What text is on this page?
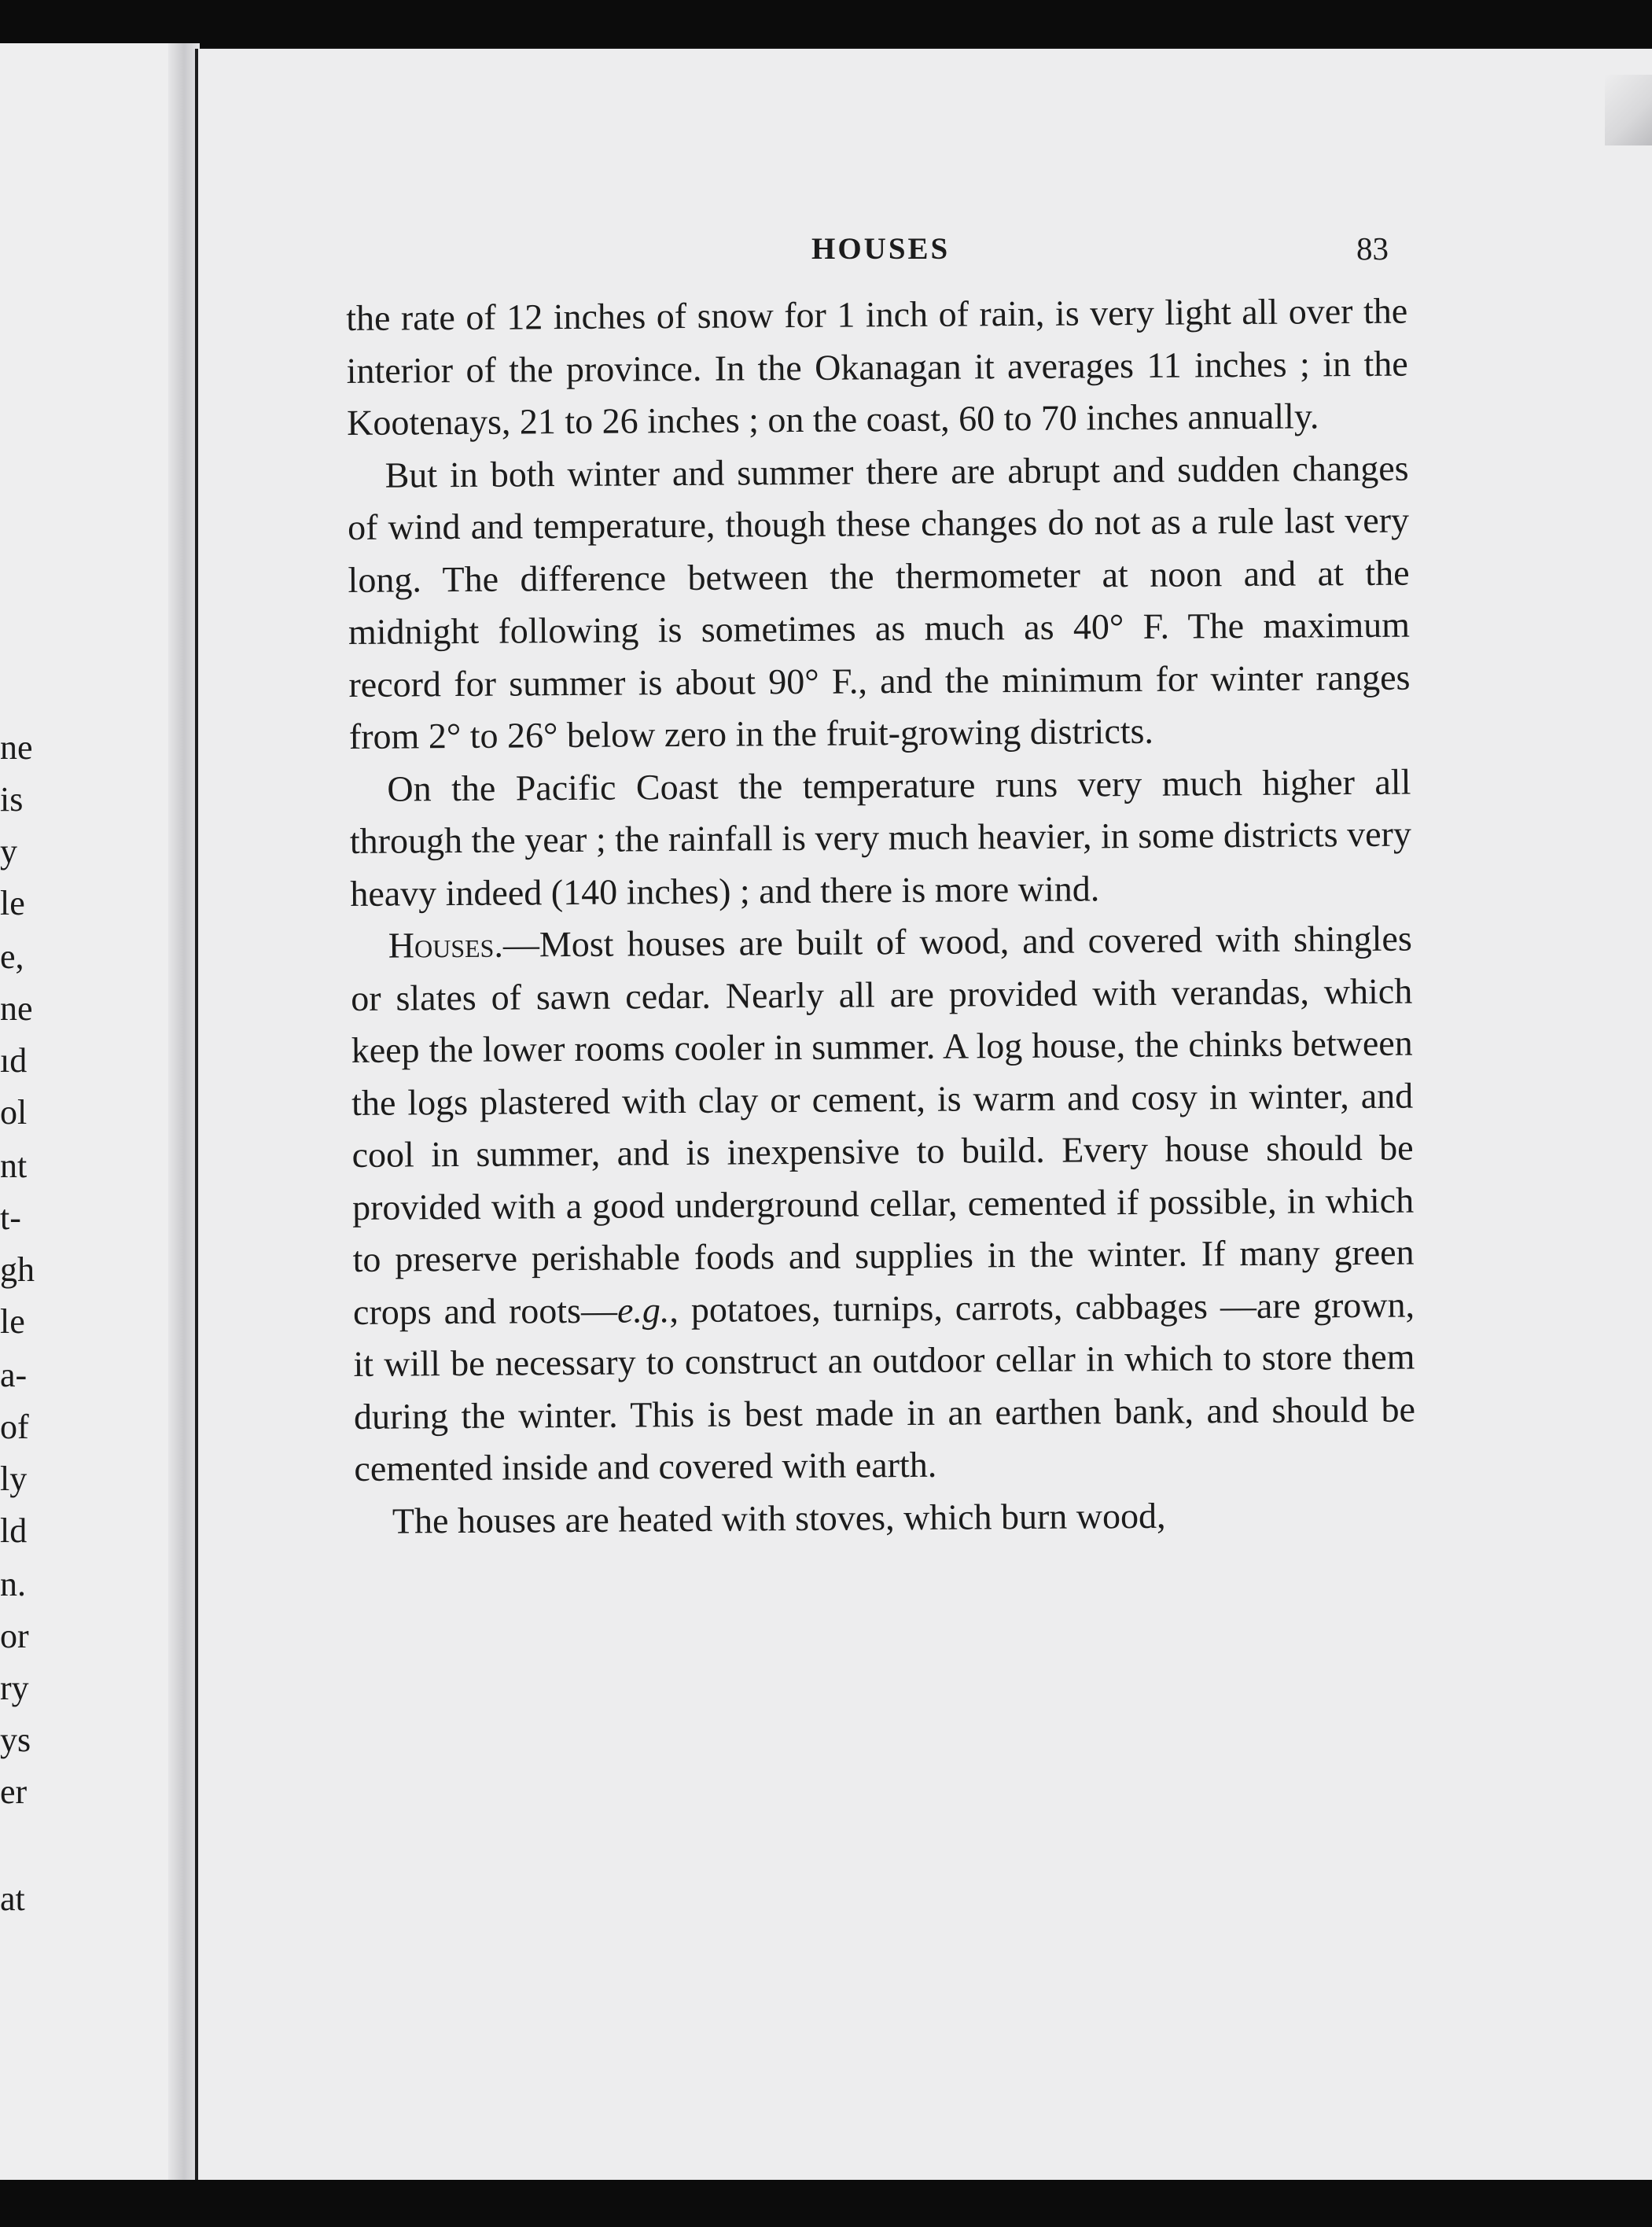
ne
is
y
le
e,
ne
ıd
ol
nt
t-
gh
le
a-
of
ly
ld
n.
or
ry
ys
er
at
HOUSES	83

the rate of 12 inches of snow for 1 inch of rain, is very light all over the interior of the province. In the Okanagan it averages 11 inches ; in the Kootenays, 21 to 26 inches ; on the coast, 60 to 70 inches annually.

But in both winter and summer there are abrupt and sudden changes of wind and temperature, though these changes do not as a rule last very long. The difference between the thermometer at noon and at the midnight following is sometimes as much as 40° F. The maximum record for summer is about 90° F., and the minimum for winter ranges from 2° to 26° below zero in the fruit-growing districts.

On the Pacific Coast the temperature runs very much higher all through the year ; the rainfall is very much heavier, in some districts very heavy indeed (140 inches) ; and there is more wind.

Houses.—Most houses are built of wood, and covered with shingles or slates of sawn cedar. Nearly all are provided with verandas, which keep the lower rooms cooler in summer. A log house, the chinks between the logs plastered with clay or cement, is warm and cosy in winter, and cool in summer, and is inexpensive to build. Every house should be provided with a good underground cellar, cemented if possible, in which to preserve perishable foods and supplies in the winter. If many green crops and roots—e.g., potatoes, turnips, carrots, cabbages —are grown, it will be necessary to construct an outdoor cellar in which to store them during the winter. This is best made in an earthen bank, and should be cemented inside and covered with earth.

The houses are heated with stoves, which burn wood,
